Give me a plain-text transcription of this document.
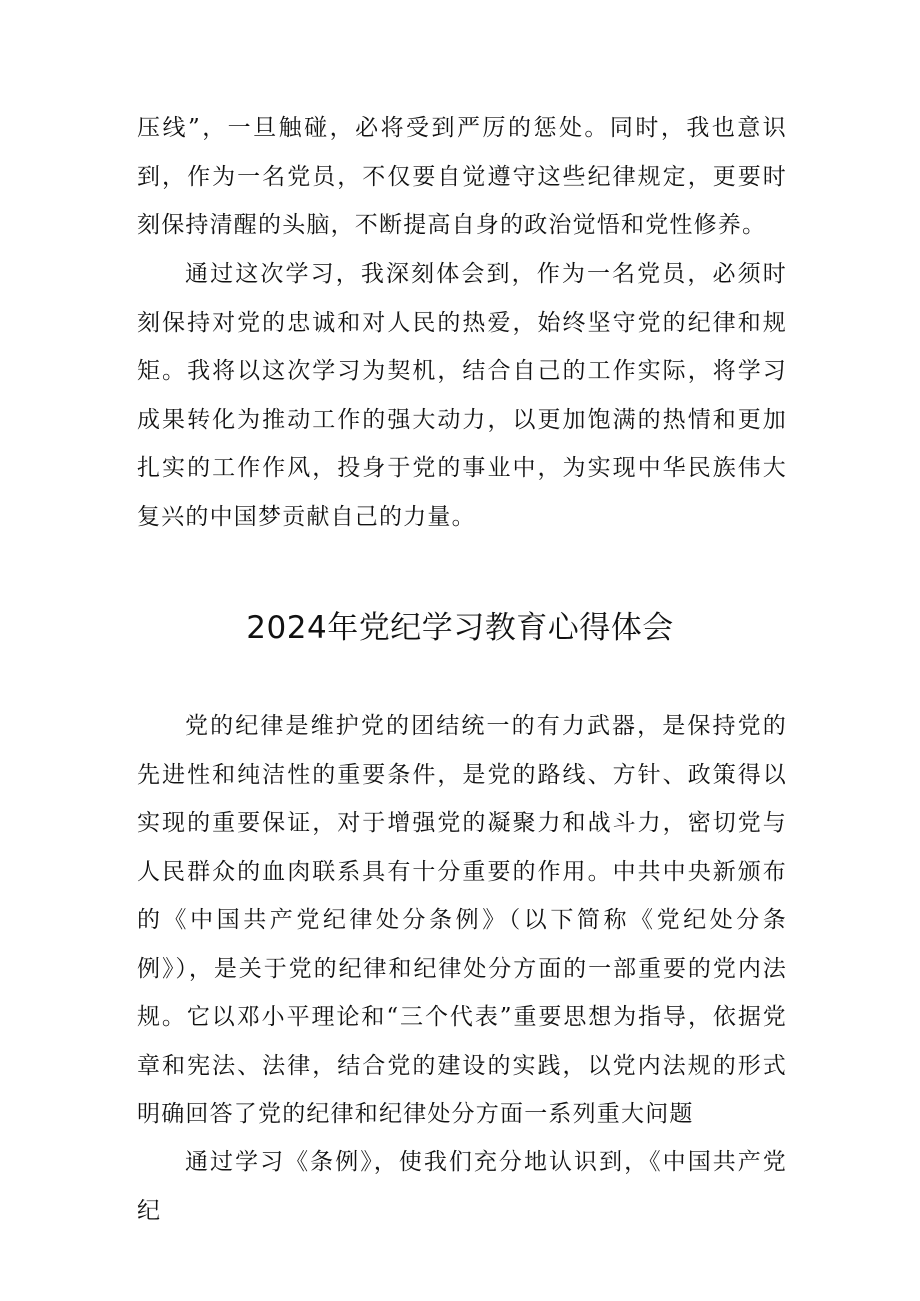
压线”，一旦触碰，必将受到严厉的惩处。同时，我也意识到，作为一名党员，不仅要自觉遵守这些纪律规定，更要时刻保持清醒的头脑，不断提高自身的政治觉悟和党性修养。

通过这次学习，我深刻体会到，作为一名党员，必须时刻保持对党的忠诚和对人民的热爱，始终坚守党的纪律和规矩。我将以这次学习为契机，结合自己的工作实际，将学习成果转化为推动工作的强大动力，以更加饱满的热情和更加扎实的工作作风，投身于党的事业中，为实现中华民族伟大复兴的中国梦贡献自己的力量。

2024年党纪学习教育心得体会

党的纪律是维护党的团结统一的有力武器，是保持党的先进性和纯洁性的重要条件，是党的路线、方针、政策得以实现的重要保证，对于增强党的凝聚力和战斗力，密切党与人民群众的血肉联系具有十分重要的作用。中共中央新颁布的《中国共产党纪律处分条例》（以下简称《党纪处分条例》），是关于党的纪律和纪律处分方面的一部重要的党内法规。它以邓小平理论和“三个代表”重要思想为指导，依据党章和宪法、法律，结合党的建设的实践，以党内法规的形式明确回答了党的纪律和纪律处分方面一系列重大问题

通过学习《条例》，使我们充分地认识到，《中国共产党纪
